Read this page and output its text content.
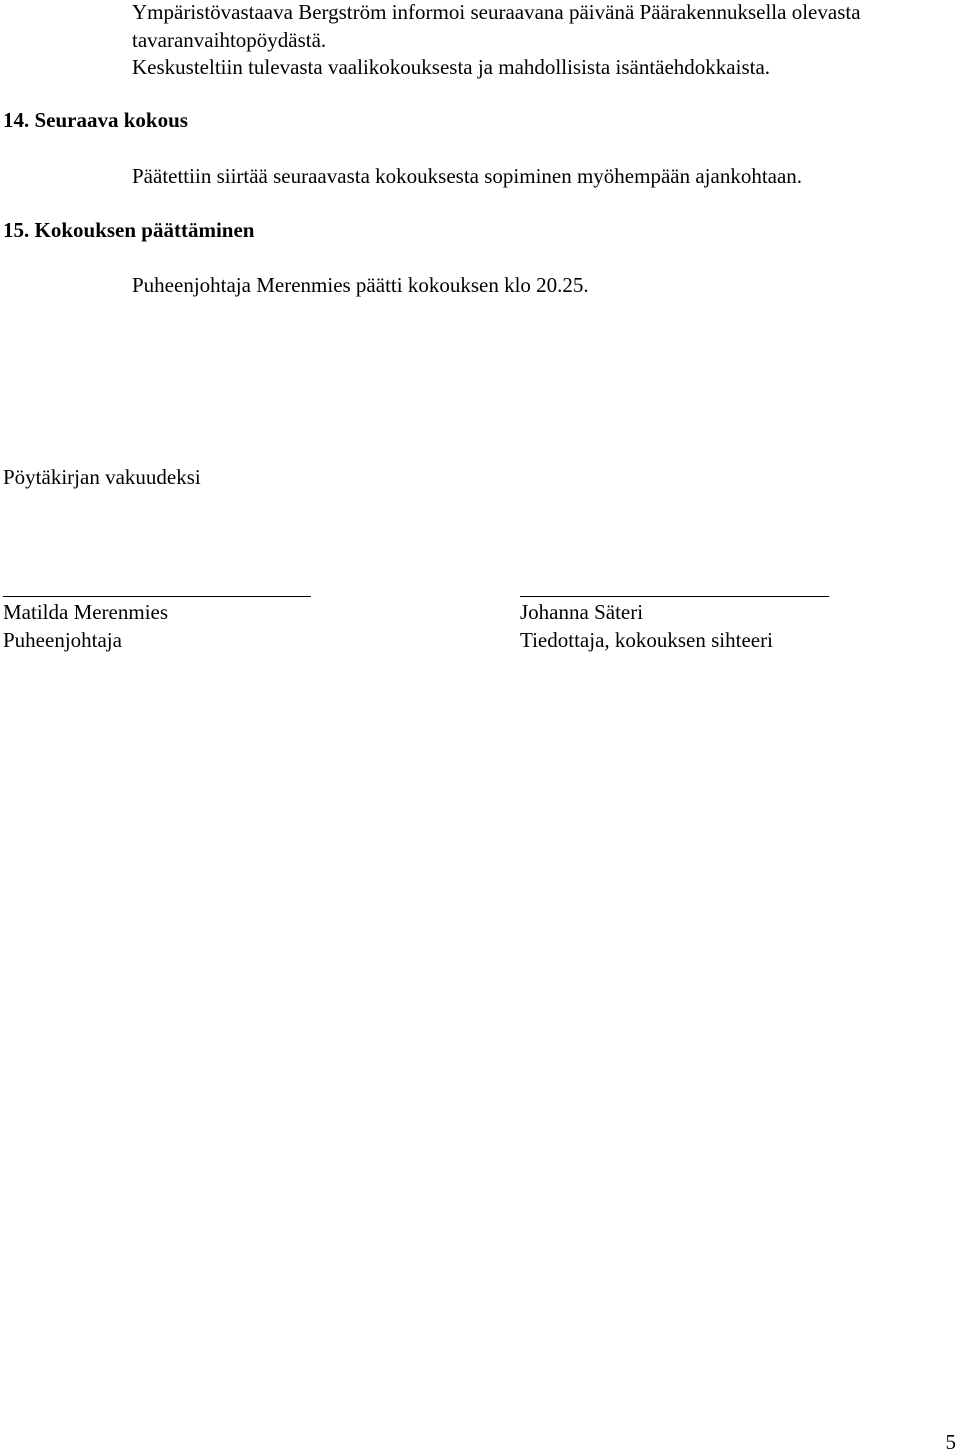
Ympäristövastaava Bergström informoi seuraavana päivänä Päärakennuksella olevasta
tavaranvaihtopöydästä.
Keskusteltiin tulevasta vaalikokouksesta ja mahdollisista isäntäehdokkaista.
14. Seuraava kokous
Päätettiin siirtää seuraavasta kokouksesta sopiminen myöhempään ajankohtaan.
15. Kokouksen päättäminen
Puheenjohtaja Merenmies päätti kokouksen klo 20.25.
Pöytäkirjan vakuudeksi
Matilda Merenmies
Puheenjohtaja
Johanna Säteri
Tiedottaja, kokouksen sihteeri
5
